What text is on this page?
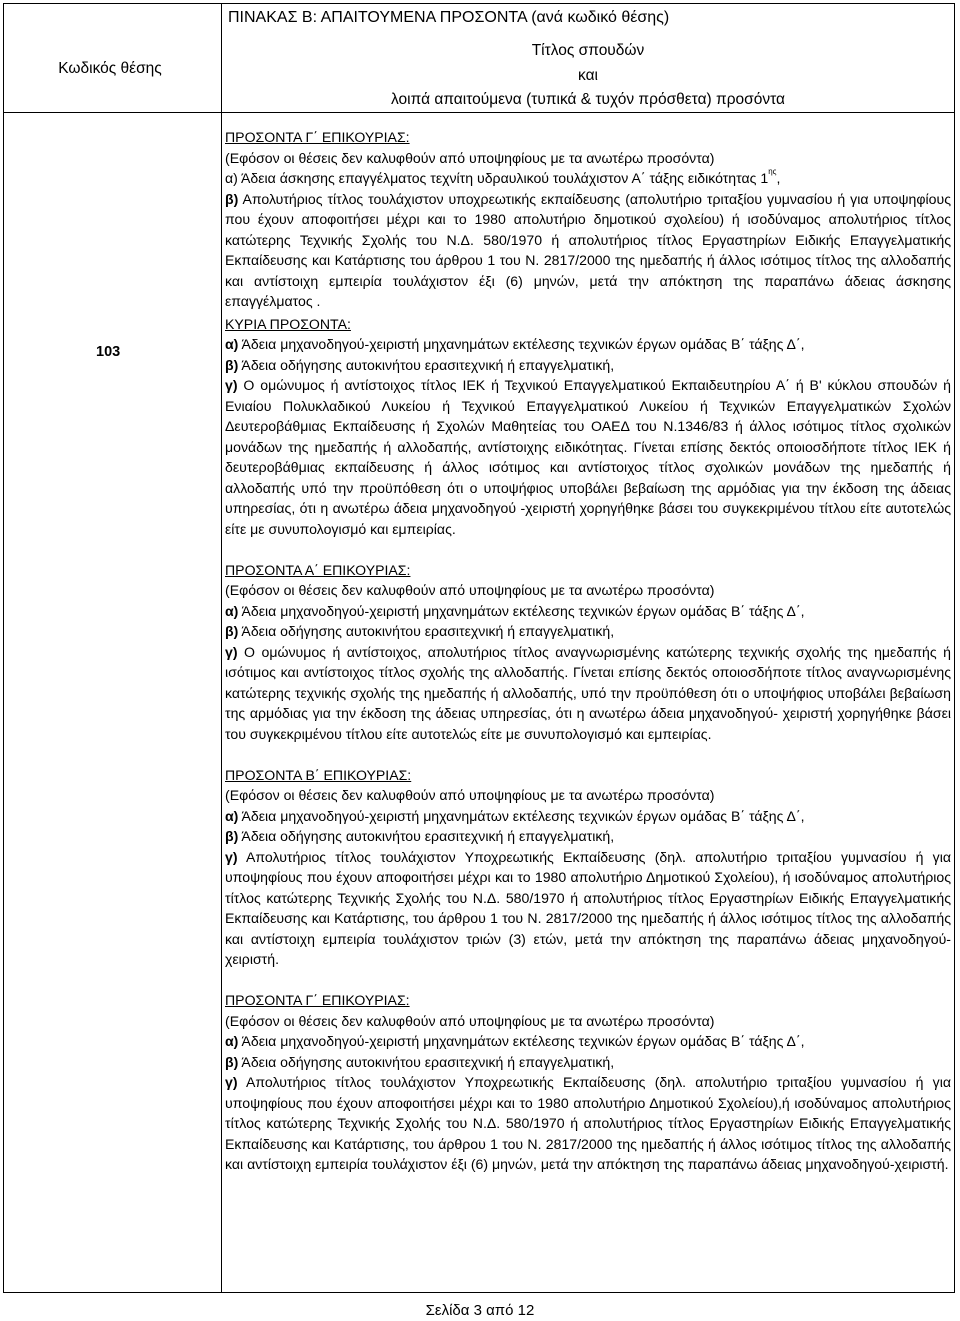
ΠΙΝΑΚΑΣ Β: ΑΠΑΙΤΟΥΜΕΝΑ ΠΡΟΣΟΝΤΑ (ανά κωδικό θέσης)
Κωδικός θέσης
Τίτλος σπουδών
και
λοιπά απαιτούμενα (τυπικά & τυχόν πρόσθετα) προσόντα
103
ΠΡΟΣΟΝΤΑ Γ΄ ΕΠΙΚΟΥΡΙΑΣ:
(Εφόσον οι θέσεις δεν καλυφθούν από υποψηφίους με τα ανωτέρω προσόντα)
α) Άδεια άσκησης επαγγέλματος τεχνίτη υδραυλικού τουλάχιστον Α΄ τάξης ειδικότητας $1^{\eta\varsigma}$,
β) Απολυτήριος τίτλος τουλάχιστον υποχρεωτικής εκπαίδευσης (απολυτήριο τριταξίου γυμνασίου ή για υποψηφίους που έχουν αποφοιτήσει μέχρι και το 1980 απολυτήριο δημοτικού σχολείου) ή ισοδύναμος απολυτήριος τίτλος κατώτερης Τεχνικής Σχολής του Ν.Δ. 580/1970 ή απολυτήριος τίτλος Εργαστηρίων Ειδικής Επαγγελματικής Εκπαίδευσης και Κατάρτισης του άρθρου 1 του Ν. 2817/2000 της ημεδαπής ή άλλος ισότιμος τίτλος της αλλοδαπής και αντίστοιχη εμπειρία τουλάχιστον έξι (6) μηνών, μετά την απόκτηση της παραπάνω άδειας άσκησης επαγγέλματος .
ΚΥΡΙΑ ΠΡΟΣΟΝΤΑ:
α) Άδεια μηχανοδηγού-χειριστή μηχανημάτων εκτέλεσης τεχνικών έργων ομάδας Β΄ τάξης Δ΄,
β) Άδεια οδήγησης αυτοκινήτου ερασιτεχνική ή επαγγελματική,
γ) Ο ομώνυμος ή αντίστοιχος τίτλος ΙΕΚ ή Τεχνικού Επαγγελματικού Εκπαιδευτηρίου Α΄ ή Β' κύκλου σπουδών ή Ενιαίου Πολυκλαδικού Λυκείου ή Τεχνικού Επαγγελματικού Λυκείου ή Τεχνικών Επαγγελματικών Σχολών Δευτεροβάθμιας Εκπαίδευσης ή Σχολών Μαθητείας του ΟΑΕΔ του Ν.1346/83 ή άλλος ισότιμος τίτλος σχολικών μονάδων της ημεδαπής ή αλλοδαπής, αντίστοιχης ειδικότητας. Γίνεται επίσης δεκτός οποιοσδήποτε τίτλος ΙΕΚ ή δευτεροβάθμιας εκπαίδευσης ή άλλος ισότιμος και αντίστοιχος τίτλος σχολικών μονάδων της ημεδαπής ή αλλοδαπής υπό την προϋπόθεση ότι ο υποψήφιος υποβάλει βεβαίωση της αρμόδιας για την έκδοση της άδειας υπηρεσίας, ότι η ανωτέρω άδεια μηχανοδηγού -χειριστή χορηγήθηκε βάσει του συγκεκριμένου τίτλου είτε αυτοτελώς είτε με συνυπολογισμό και εμπειρίας.
ΠΡΟΣΟΝΤΑ Α΄ ΕΠΙΚΟΥΡΙΑΣ:
(Εφόσον οι θέσεις δεν καλυφθούν από υποψηφίους με τα ανωτέρω προσόντα)
α) Άδεια μηχανοδηγού-χειριστή μηχανημάτων εκτέλεσης τεχνικών έργων ομάδας Β΄ τάξης Δ΄,
β) Άδεια οδήγησης αυτοκινήτου ερασιτεχνική ή επαγγελματική,
γ) Ο ομώνυμος ή αντίστοιχος, απολυτήριος τίτλος αναγνωρισμένης κατώτερης τεχνικής σχολής της ημεδαπής ή ισότιμος και αντίστοιχος τίτλος σχολής της αλλοδαπής. Γίνεται επίσης δεκτός οποιοσδήποτε τίτλος αναγνωρισμένης κατώτερης τεχνικής σχολής της ημεδαπής ή αλλοδαπής, υπό την προϋπόθεση ότι ο υποψήφιος υποβάλει βεβαίωση της αρμόδιας για την έκδοση της άδειας υπηρεσίας, ότι η ανωτέρω άδεια μηχανοδηγού- χειριστή χορηγήθηκε βάσει του συγκεκριμένου τίτλου είτε αυτοτελώς είτε με συνυπολογισμό και εμπειρίας.
ΠΡΟΣΟΝΤΑ Β΄ ΕΠΙΚΟΥΡΙΑΣ:
(Εφόσον οι θέσεις δεν καλυφθούν από υποψηφίους με τα ανωτέρω προσόντα)
α) Άδεια μηχανοδηγού-χειριστή μηχανημάτων εκτέλεσης τεχνικών έργων ομάδας Β΄ τάξης Δ΄,
β) Άδεια οδήγησης αυτοκινήτου ερασιτεχνική ή επαγγελματική,
γ) Απολυτήριος τίτλος τουλάχιστον Υποχρεωτικής Εκπαίδευσης (δηλ. απολυτήριο τριταξίου γυμνασίου ή για υποψηφίους που έχουν αποφοιτήσει μέχρι και το 1980 απολυτήριο Δημοτικού Σχολείου), ή ισοδύναμος απολυτήριος τίτλος κατώτερης Τεχνικής Σχολής του Ν.Δ. 580/1970 ή απολυτήριος τίτλος Εργαστηρίων Ειδικής Επαγγελματικής Εκπαίδευσης και Κατάρτισης, του άρθρου 1 του Ν. 2817/2000 της ημεδαπής ή άλλος ισότιμος τίτλος της αλλοδαπής και αντίστοιχη εμπειρία τουλάχιστον τριών (3) ετών, μετά την απόκτηση της παραπάνω άδειας μηχανοδηγού-χειριστή.
ΠΡΟΣΟΝΤΑ Γ΄ ΕΠΙΚΟΥΡΙΑΣ:
(Εφόσον οι θέσεις δεν καλυφθούν από υποψηφίους με τα ανωτέρω προσόντα)
α) Άδεια μηχανοδηγού-χειριστή μηχανημάτων εκτέλεσης τεχνικών έργων ομάδας Β΄ τάξης Δ΄,
β) Άδεια οδήγησης αυτοκινήτου ερασιτεχνική ή επαγγελματική,
γ) Απολυτήριος τίτλος τουλάχιστον Υποχρεωτικής Εκπαίδευσης (δηλ. απολυτήριο τριταξίου γυμνασίου ή για υποψηφίους που έχουν αποφοιτήσει μέχρι και το 1980 απολυτήριο Δημοτικού Σχολείου),ή ισοδύναμος απολυτήριος τίτλος κατώτερης Τεχνικής Σχολής του Ν.Δ. 580/1970 ή απολυτήριος τίτλος Εργαστηρίων Ειδικής Επαγγελματικής Εκπαίδευσης και Κατάρτισης, του άρθρου 1 του Ν. 2817/2000 της ημεδαπής ή άλλος ισότιμος τίτλος της αλλοδαπής και αντίστοιχη εμπειρία τουλάχιστον έξι (6) μηνών, μετά την απόκτηση της παραπάνω άδειας μηχανοδηγού-χειριστή.
Σελίδα 3 από 12
